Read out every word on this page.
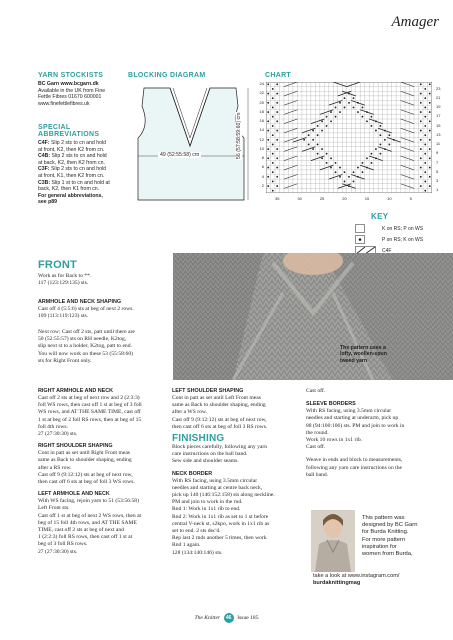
Amager
YARN STOCKISTS
BC Garn www.bcgarn.dk
Available in the UK from Fine
Fettle Fibres 01670 600001
www.finefettlefibres.uk
SPECIAL
ABBREVIATIONS
C4F: Slip 2 sts to cn and hold
at front, K2, then K2 from cn.
C4B: Slip 2 sts to cn and hold
at back, K2, then K2 from cn.
C3F: Slip 2 sts to cn and hold
at front, K1, then K2 from cn.
C3B: Slip 1 st to cn and hold at
back, K2, then K1 from cn.
For general abbreviations,
see p89
BLOCKING DIAGRAM
49 (52:55:58) cm	56 (57:58:59:60) cm
CHART
24
22
20
18
16
14
12
10
8
6
4
2
23
21
19
17
15
13
11
9
7
5
3
1
35	30	25	20	15	10	5
KEY
K on RS; P on WS
P on RS; K on WS
C4F
FRONT
Work as for Back to **.
117 (123:129:135) sts.
ARMHOLE AND NECK SHAPING
Cast off 4 (5:5:6) sts at beg of next 2 rows.
109 (113:119:123) sts.
Next row: Cast off 2 sts, patt until there are
50 (52:55:57) sts on RH needle, K2tog,
slip next st to a holder, K2tog, patt to end.
You will now work on these 53 (55:58:60)
sts for Right Front only.
The pattern uses a
lofty, woollen-spun
tweed yarn
RIGHT ARMHOLE AND NECK
Cast off 2 sts at beg of next row and 2 (2:3:3)
foll WS rows, then cast off 1 st at beg of 3 foll
WS rows, and AT THE SAME TIME, cast off
1 st at beg of 2 foll RS rows, then at beg of 15
foll 4th rows.
27 (27:30:30) sts.
RIGHT SHOULDER SHAPING
Cont in patt as set until Right Front meas
same as Back to shoulder shaping, ending
after a RS row.
Cast off 9 (9:12:12) sts at beg of next row,
then cast off 6 sts at beg of foll 3 WS rows.
LEFT ARMHOLE AND NECK
With WS facing, rejoin yarn to 51 (53:56:58)
Left Front sts.
Cast off 1 st at beg of next 2 WS rows, then at
beg of 15 foll 4th rows, and AT THE SAME
TIME, cast off 2 sts at beg of next and
1 (2:2:3) foll RS rows, then cast off 1 st at
beg of 3 foll RS rows.
27 (27:30:30) sts.
LEFT SHOULDER SHAPING
Cont in patt as set until Left Front meas
same as Back to shoulder shaping, ending
after a WS row.
Cast off 9 (9:12:12) sts at beg of next row,
then cast off 6 sts at beg of foll 3 RS rows.
FINISHING
Block pieces carefully, following any yarn
care instructions on the ball band.
Sew side and shoulder seams.
NECK BORDER
With RS facing, using 3.5mm circular
needles and starting at centre back neck,
pick up 140 (146:152:158) sts along neckline.
PM and join to work in the rnd.
Rnd 1: Work in 1x1 rib to end.
Rnd 2: Work in 1x1 rib as set to 1 st before
central V-neck st, s2kpo, work in 1x1 rib as
set to end. 2 sts dec'd.
Rep last 2 rnds another 5 times, then work
Rnd 1 again.
128 (134:140:146) sts.
Cast off.
SLEEVE BORDERS
With RS facing, using 3.5mm circular
needles and starting at underarm, pick up
88 (94:100:106) sts. PM and join to work in
the round.
Work 10 rows in 1x1 rib.
Cast off.
Weave in ends and block to measurements,
following any yarn care instructions on the
ball band.
This pattern was
designed by BC Garn
for Burda Knitting.
For more pattern
inspiration for
women from Burda,
take a look at www.instagram.com/
burdaknittingmag
The Knitter 46 Issue 185
